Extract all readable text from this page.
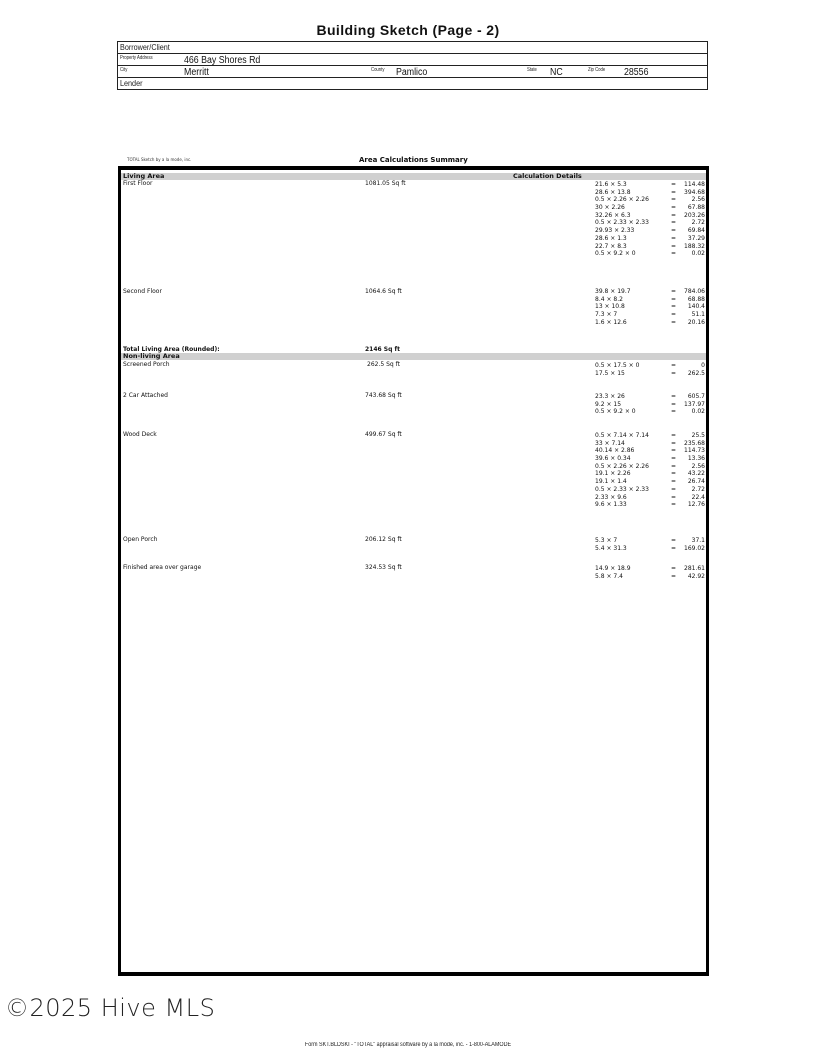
Building Sketch (Page - 2)
Borrower/Client
Property Address	466 Bay Shores Rd
City	Merritt	County Pamlico	State NC	Zip Code 28556
Lender
TOTAL Sketch by a la mode, inc.	Area Calculations Summary
Living Area	Calculation Details
First Floor	1081.05 Sq ft	21.6 × 5.3	= 114.48
28.6 × 13.8	= 394.68
0.5 × 2.26 × 2.26	=	2.56
30 × 2.26	= 67.88
32.26 × 6.3	= 203.26
0.5 × 2.33 × 2.33	=	2.72
29.93 × 2.33	= 69.84
28.6 × 1.3	= 37.29
22.7 × 8.3	= 188.32
0.5 × 9.2 × 0	=	0.02
Second Floor	1064.6 Sq ft	39.8 × 19.7	= 784.06
8.4 × 8.2	= 68.88
13 × 10.8	= 140.4
7.3 × 7	=	51.1
1.6 × 12.6	= 20.16
Total Living Area (Rounded):	2146 Sq ft
Non-living Area
Screened Porch	262.5 Sq ft	0.5 × 17.5 × 0	=	0
17.5 × 15	= 262.5
2 Car Attached	743.68 Sq ft	23.3 × 26	= 605.7
9.2 × 15	= 137.97
0.5 × 9.2 × 0	=	0.02
Wood Deck	499.67 Sq ft	0.5 × 7.14 × 7.14	=	25.5
33 × 7.14	= 235.68
40.14 × 2.86	= 114.73
39.6 × 0.34	= 13.36
0.5 × 2.26 × 2.26	=	2.56
19.1 × 2.26	= 43.22
19.1 × 1.4	= 26.74
0.5 × 2.33 × 2.33	=	2.72
2.33 × 9.6	=	22.4
9.6 × 1.33	= 12.76
Open Porch	206.12 Sq ft	5.3 × 7	=	37.1
5.4 × 31.3	= 169.02
Finished area over garage	324.53 Sq ft	14.9 × 18.9	= 281.61
5.8 × 7.4	= 42.92
©2025 Hive MLS
Form SKT.BLDSKI - "TOTAL" appraisal software by a la mode, inc. - 1-800-ALAMODE
